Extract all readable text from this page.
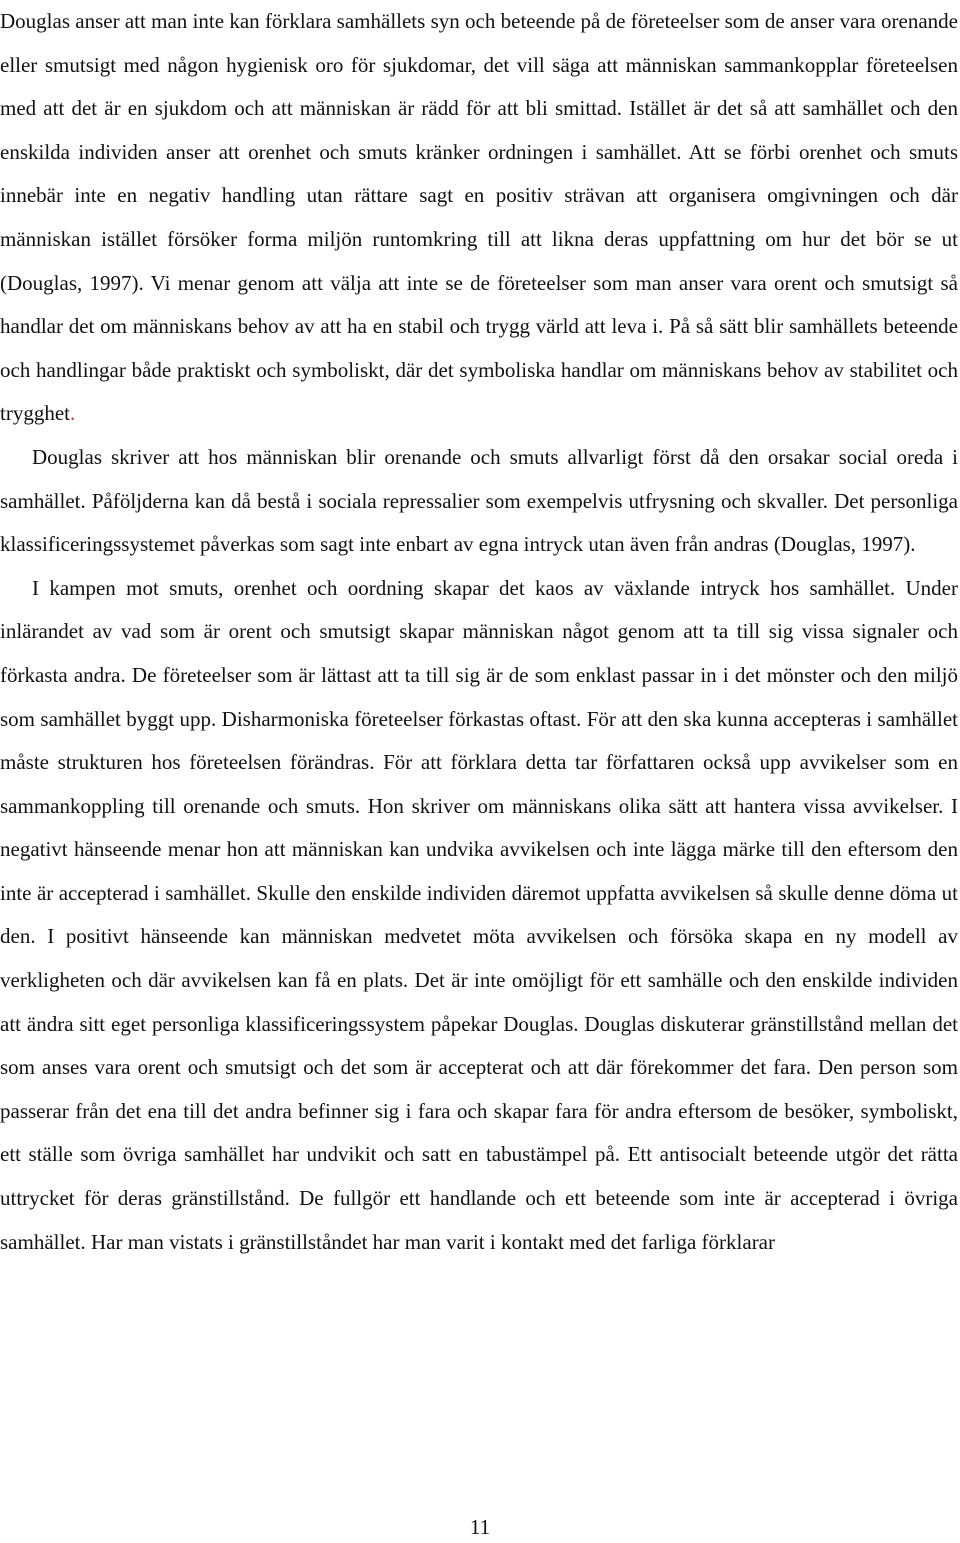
Douglas anser att man inte kan förklara samhällets syn och beteende på de företeelser som de anser vara orenande eller smutsigt med någon hygienisk oro för sjukdomar, det vill säga att människan sammankopplar företeelsen med att det är en sjukdom och att människan är rädd för att bli smittad. Istället är det så att samhället och den enskilda individen anser att orenhet och smuts kränker ordningen i samhället. Att se förbi orenhet och smuts innebär inte en negativ handling utan rättare sagt en positiv strävan att organisera omgivningen och där människan istället försöker forma miljön runtomkring till att likna deras uppfattning om hur det bör se ut (Douglas, 1997). Vi menar genom att välja att inte se de företeelser som man anser vara orent och smutsigt så handlar det om människans behov av att ha en stabil och trygg värld att leva i. På så sätt blir samhällets beteende och handlingar både praktiskt och symboliskt, där det symboliska handlar om människans behov av stabilitet och trygghet.

Douglas skriver att hos människan blir orenande och smuts allvarligt först då den orsakar social oreda i samhället. Påföljderna kan då bestå i sociala repressalier som exempelvis utfrysning och skvaller. Det personliga klassificeringssystemet påverkas som sagt inte enbart av egna intryck utan även från andras (Douglas, 1997).

I kampen mot smuts, orenhet och oordning skapar det kaos av växlande intryck hos samhället. Under inlärandet av vad som är orent och smutsigt skapar människan något genom att ta till sig vissa signaler och förkasta andra. De företeelser som är lättast att ta till sig är de som enklast passar in i det mönster och den miljö som samhället byggt upp. Disharmoniska företeelser förkastas oftast. För att den ska kunna accepteras i samhället måste strukturen hos företeelsen förändras. För att förklara detta tar författaren också upp avvikelser som en sammankoppling till orenande och smuts. Hon skriver om människans olika sätt att hantera vissa avvikelser. I negativt hänseende menar hon att människan kan undvika avvikelsen och inte lägga märke till den eftersom den inte är accepterad i samhället. Skulle den enskilde individen däremot uppfatta avvikelsen så skulle denne döma ut den. I positivt hänseende kan människan medvetet möta avvikelsen och försöka skapa en ny modell av verkligheten och där avvikelsen kan få en plats. Det är inte omöjligt för ett samhälle och den enskilde individen att ändra sitt eget personliga klassificeringssystem påpekar Douglas. Douglas diskuterar gränstillstånd mellan det som anses vara orent och smutsigt och det som är accepterat och att där förekommer det fara. Den person som passerar från det ena till det andra befinner sig i fara och skapar fara för andra eftersom de besöker, symboliskt, ett ställe som övriga samhället har undvikit och satt en tabustämpel på. Ett antisocialt beteende utgör det rätta uttrycket för deras gränstillstånd. De fullgör ett handlande och ett beteende som inte är accepterad i övriga samhället. Har man vistats i gränstillståndet har man varit i kontakt med det farliga förklarar

11
